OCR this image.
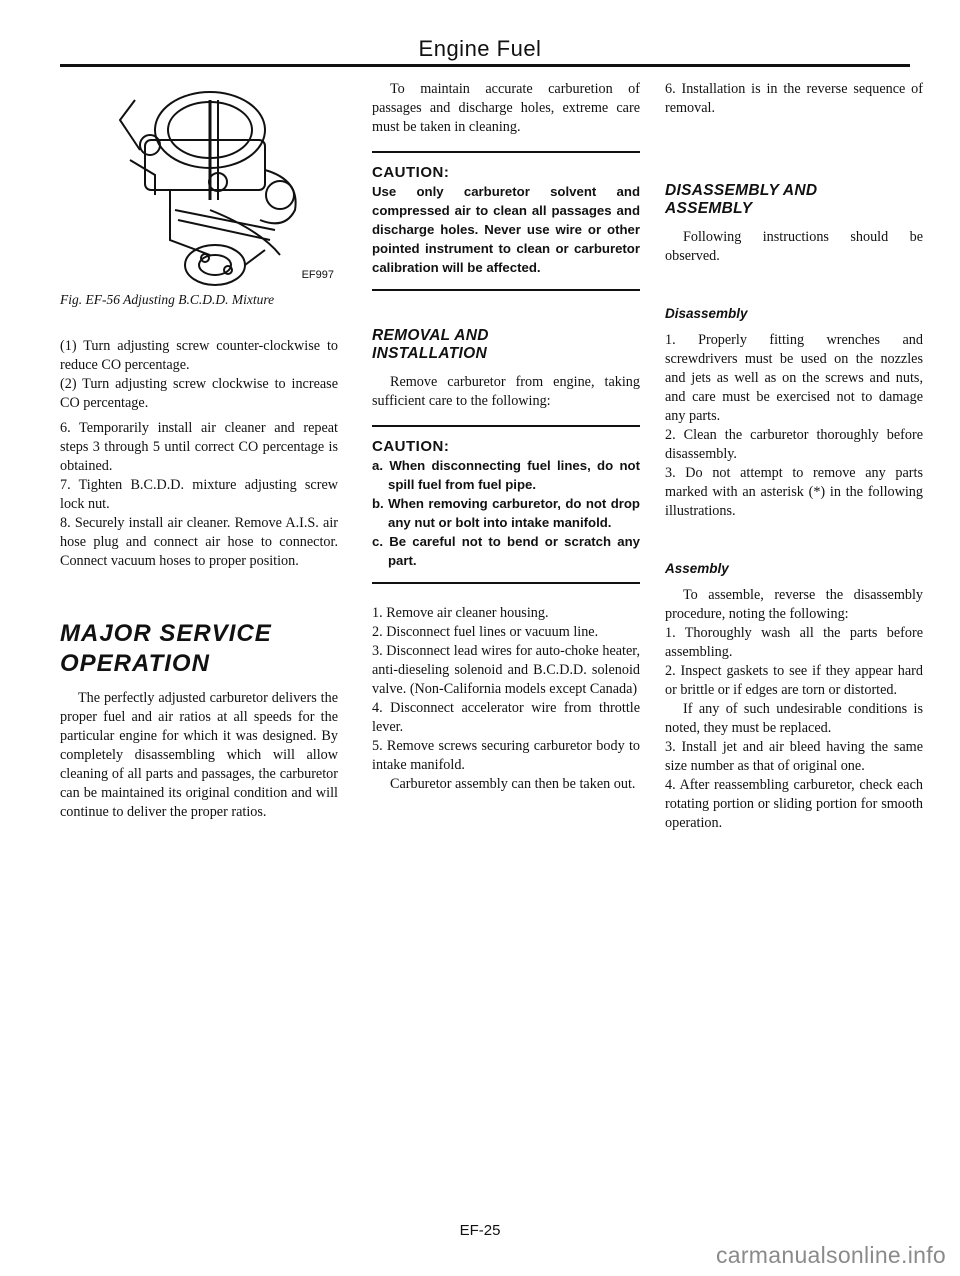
Engine Fuel
EF997

Fig. EF-56 Adjusting B.C.D.D. Mixture

(1) Turn adjusting screw counter-clockwise to reduce CO percentage.

(2) Turn adjusting screw clockwise to increase CO percentage.

6. Temporarily install air cleaner and repeat steps 3 through 5 until correct CO percentage is obtained.

7. Tighten B.C.D.D. mixture adjusting screw lock nut.

8. Securely install air cleaner. Remove A.I.S. air hose plug and connect air hose to connector. Connect vacuum hoses to proper position.

MAJOR SERVICE

OPERATION

The perfectly adjusted carburetor delivers the proper fuel and air ratios at all speeds for the particular engine for which it was designed. By completely disassembling which will allow cleaning of all parts and passages, the carburetor can be maintained its original condition and will continue to deliver the proper ratios.

To maintain accurate carburetion of passages and discharge holes, extreme care must be taken in cleaning.

CAUTION:

Use only carburetor solvent and compressed air to clean all passages and discharge holes. Never use wire or other pointed instrument to clean or carburetor calibration will be affected.

REMOVAL AND

INSTALLATION

Remove carburetor from engine, taking sufficient care to the following:

CAUTION:

a. When disconnecting fuel lines, do not spill fuel from fuel pipe.

b. When removing carburetor, do not drop any nut or bolt into intake manifold.

c. Be careful not to bend or scratch any part.

1. Remove air cleaner housing.

2. Disconnect fuel lines or vacuum line.

3. Disconnect lead wires for auto-choke heater, anti-dieseling solenoid and B.C.D.D. solenoid valve. (Non-California models except Canada)

4. Disconnect accelerator wire from throttle lever.

5. Remove screws securing carburetor body to intake manifold.

Carburetor assembly can then be taken out.

6. Installation is in the reverse sequence of removal.

DISASSEMBLY AND

ASSEMBLY

Following instructions should be observed.

Disassembly

1. Properly fitting wrenches and screwdrivers must be used on the nozzles and jets as well as on the screws and nuts, and care must be exercised not to damage any parts.

2. Clean the carburetor thoroughly before disassembly.

3. Do not attempt to remove any parts marked with an asterisk (*) in the following illustrations.

Assembly

To assemble, reverse the disassembly procedure, noting the following:

1. Thoroughly wash all the parts before assembling.

2. Inspect gaskets to see if they appear hard or brittle or if edges are torn or distorted.

If any of such undesirable conditions is noted, they must be replaced.

3. Install jet and air bleed having the same size number as that of original one.

4. After reassembling carburetor, check each rotating portion or sliding portion for smooth operation.

EF-25
carmanualsonline.info
